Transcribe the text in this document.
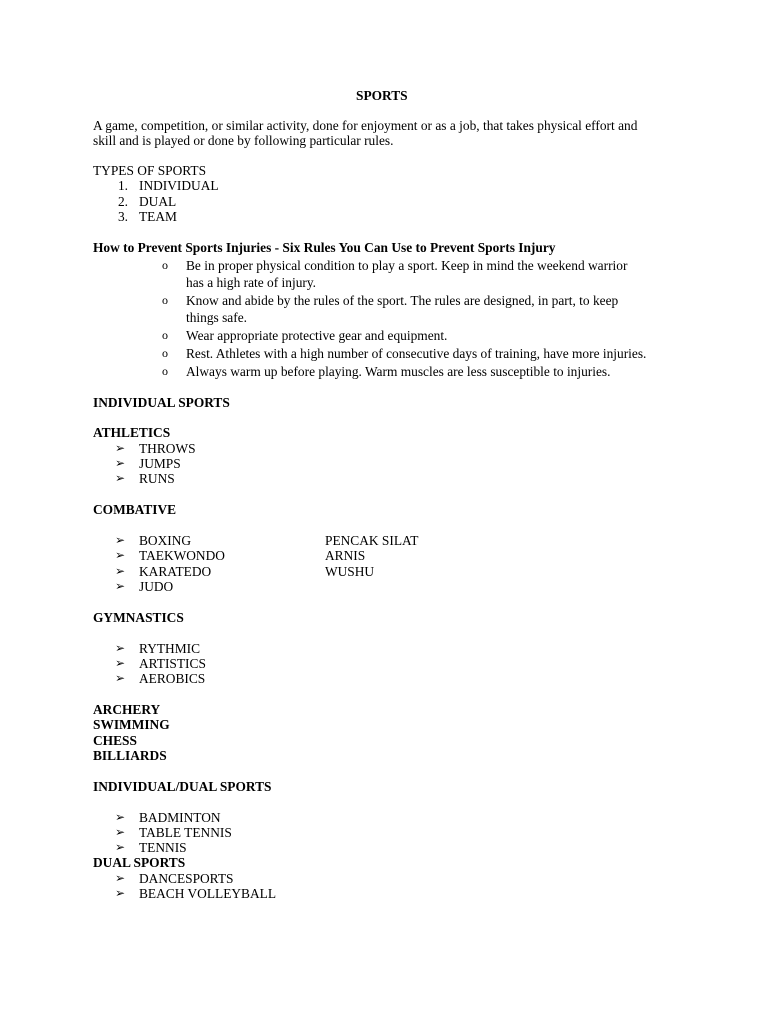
SPORTS
A game, competition, or similar activity, done for enjoyment or as a job, that takes physical effort and
skill and is played or done by following particular rules.
TYPES OF SPORTS
1. INDIVIDUAL
2. DUAL
3. TEAM
How to Prevent Sports Injuries - Six Rules You Can Use to Prevent Sports Injury
o Be in proper physical condition to play a sport. Keep in mind the weekend warrior
has a high rate of injury.
o Know and abide by the rules of the sport. The rules are designed, in part, to keep
things safe.
o Wear appropriate protective gear and equipment.
o Rest. Athletes with a high number of consecutive days of training, have more injuries.
o Always warm up before playing. Warm muscles are less susceptible to injuries.
INDIVIDUAL SPORTS
ATHLETICS
➢ THROWS
➢ JUMPS
➢ RUNS
COMBATIVE
➢ BOXING	PENCAK SILAT
➢ TAEKWONDO	ARNIS
➢ KARATEDO	WUSHU
➢ JUDO
GYMNASTICS
➢ RYTHMIC
➢ ARTISTICS
➢ AEROBICS
ARCHERY
SWIMMING
CHESS
BILLIARDS
INDIVIDUAL/DUAL SPORTS
➢ BADMINTON
➢ TABLE TENNIS
➢ TENNIS
DUAL SPORTS
➢ DANCESPORTS
➢ BEACH VOLLEYBALL
